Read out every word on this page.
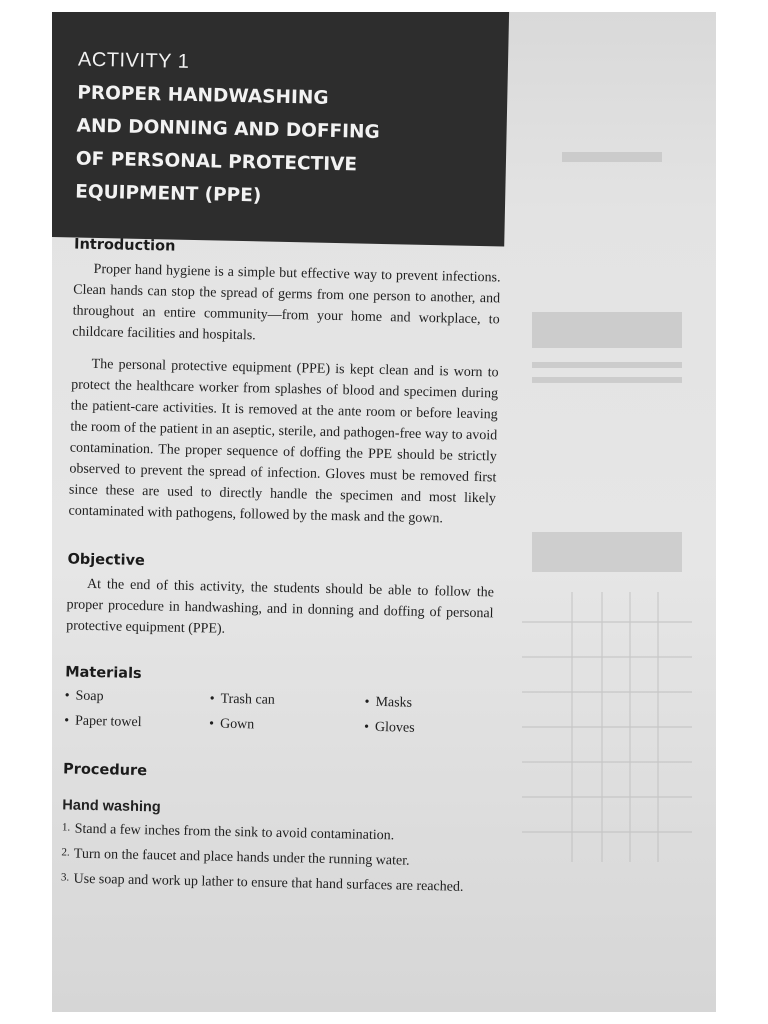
ACTIVITY 1
PROPER HANDWASHING
AND DONNING AND DOFFING
OF PERSONAL PROTECTIVE
EQUIPMENT (PPE)
Introduction

Proper hand hygiene is a simple but effective way to prevent infections. Clean hands can stop the spread of germs from one person to another, and throughout an entire community—from your home and workplace, to childcare facilities and hospitals.

The personal protective equipment (PPE) is kept clean and is worn to protect the healthcare worker from splashes of blood and specimen during the patient-care activities. It is removed at the ante room or before leaving the room of the patient in an aseptic, sterile, and pathogen-free way to avoid contamination. The proper sequence of doffing the PPE should be strictly observed to prevent the spread of infection. Gloves must be removed first since these are used to directly handle the specimen and most likely contaminated with pathogens, followed by the mask and the gown.

Objective

At the end of this activity, the students should be able to follow the proper procedure in handwashing, and in donning and doffing of personal protective equipment (PPE).

Materials
• Soap	• Trash can	• Masks
• Paper towel	• Gown	• Gloves
Procedure
Hand washing
1. Stand a few inches from the sink to avoid contamination.
2. Turn on the faucet and place hands under the running water.
3. Use soap and work up lather to ensure that hand surfaces are reached.
